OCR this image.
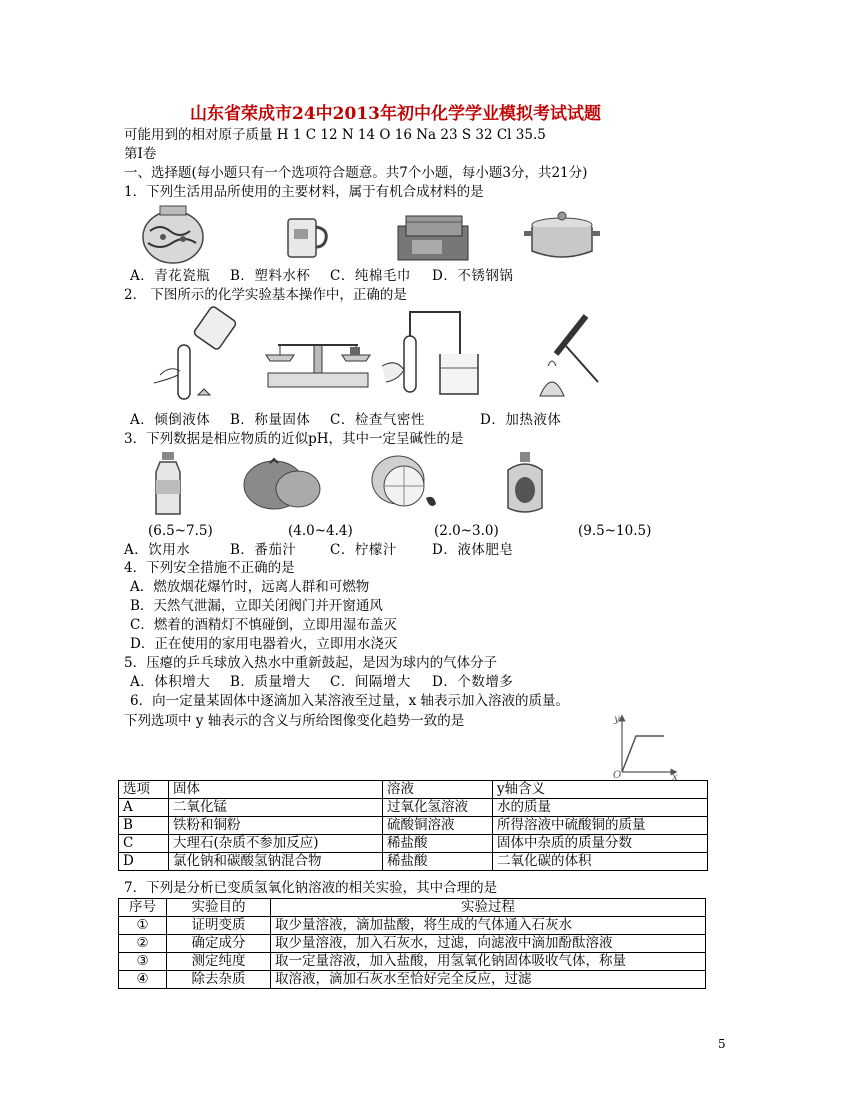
山东省荣成市24中2013年初中化学学业模拟考试试题
可能用到的相对原子质量 H 1 C 12 N 14 O 16 Na 23 S 32 Cl 35.5
第Ⅰ卷
一、选择题(每小题只有一个选项符合题意。共7个小题，每小题3分，共21分)
1．下列生活用品所使用的主要材料，属于有机合成材料的是
A．青花瓷瓶 B．塑料水杯 C．纯棉毛巾 D．不锈钢锅
2． 下图所示的化学实验基本操作中，正确的是
A．倾倒液体 B．称量固体 C．检查气密性	D．加热液体
3．下列数据是相应物质的近似pH，其中一定呈碱性的是
(6.5~7.5)	(4.0~4.4)	(2.0~3.0)	(9.5~10.5)
A．饮用水	B．番茄汁 C．柠檬汁	D．液体肥皂
4．下列安全措施不正确的是
A．燃放烟花爆竹时，远离人群和可燃物
B．天然气泄漏，立即关闭阀门并开窗通风
C．燃着的酒精灯不慎碰倒，立即用湿布盖灭
D．正在使用的家用电器着火，立即用水浇灭
5．压瘪的乒乓球放入热水中重新鼓起，是因为球内的气体分子
A．体积增大 B．质量增大 C．间隔增大 D．个数增多
6．向一定量某固体中逐滴加入某溶液至过量，x 轴表示加入溶液的质量。
下列选项中 y 轴表示的含义与所给图像变化趋势一致的是	y
x
O
选项	固体	溶液	y轴含义
A	二氧化锰	过氧化氢溶液	水的质量
B	铁粉和铜粉	硫酸铜溶液	所得溶液中硫酸铜的质量
C	大理石(杂质不参加反应)	稀盐酸	固体中杂质的质量分数
D	氯化钠和碳酸氢钠混合物	稀盐酸	二氧化碳的体积
7．下列是分析已变质氢氧化钠溶液的相关实验，其中合理的是
序号	实验目的	实验过程
①	证明变质	取少量溶液，滴加盐酸，将生成的气体通入石灰水
②	确定成分	取少量溶液，加入石灰水，过滤，向滤液中滴加酚酞溶液
③	测定纯度	取一定量溶液，加入盐酸，用氢氧化钠固体吸收气体，称量
④	除去杂质	取溶液，滴加石灰水至恰好完全反应，过滤
5
